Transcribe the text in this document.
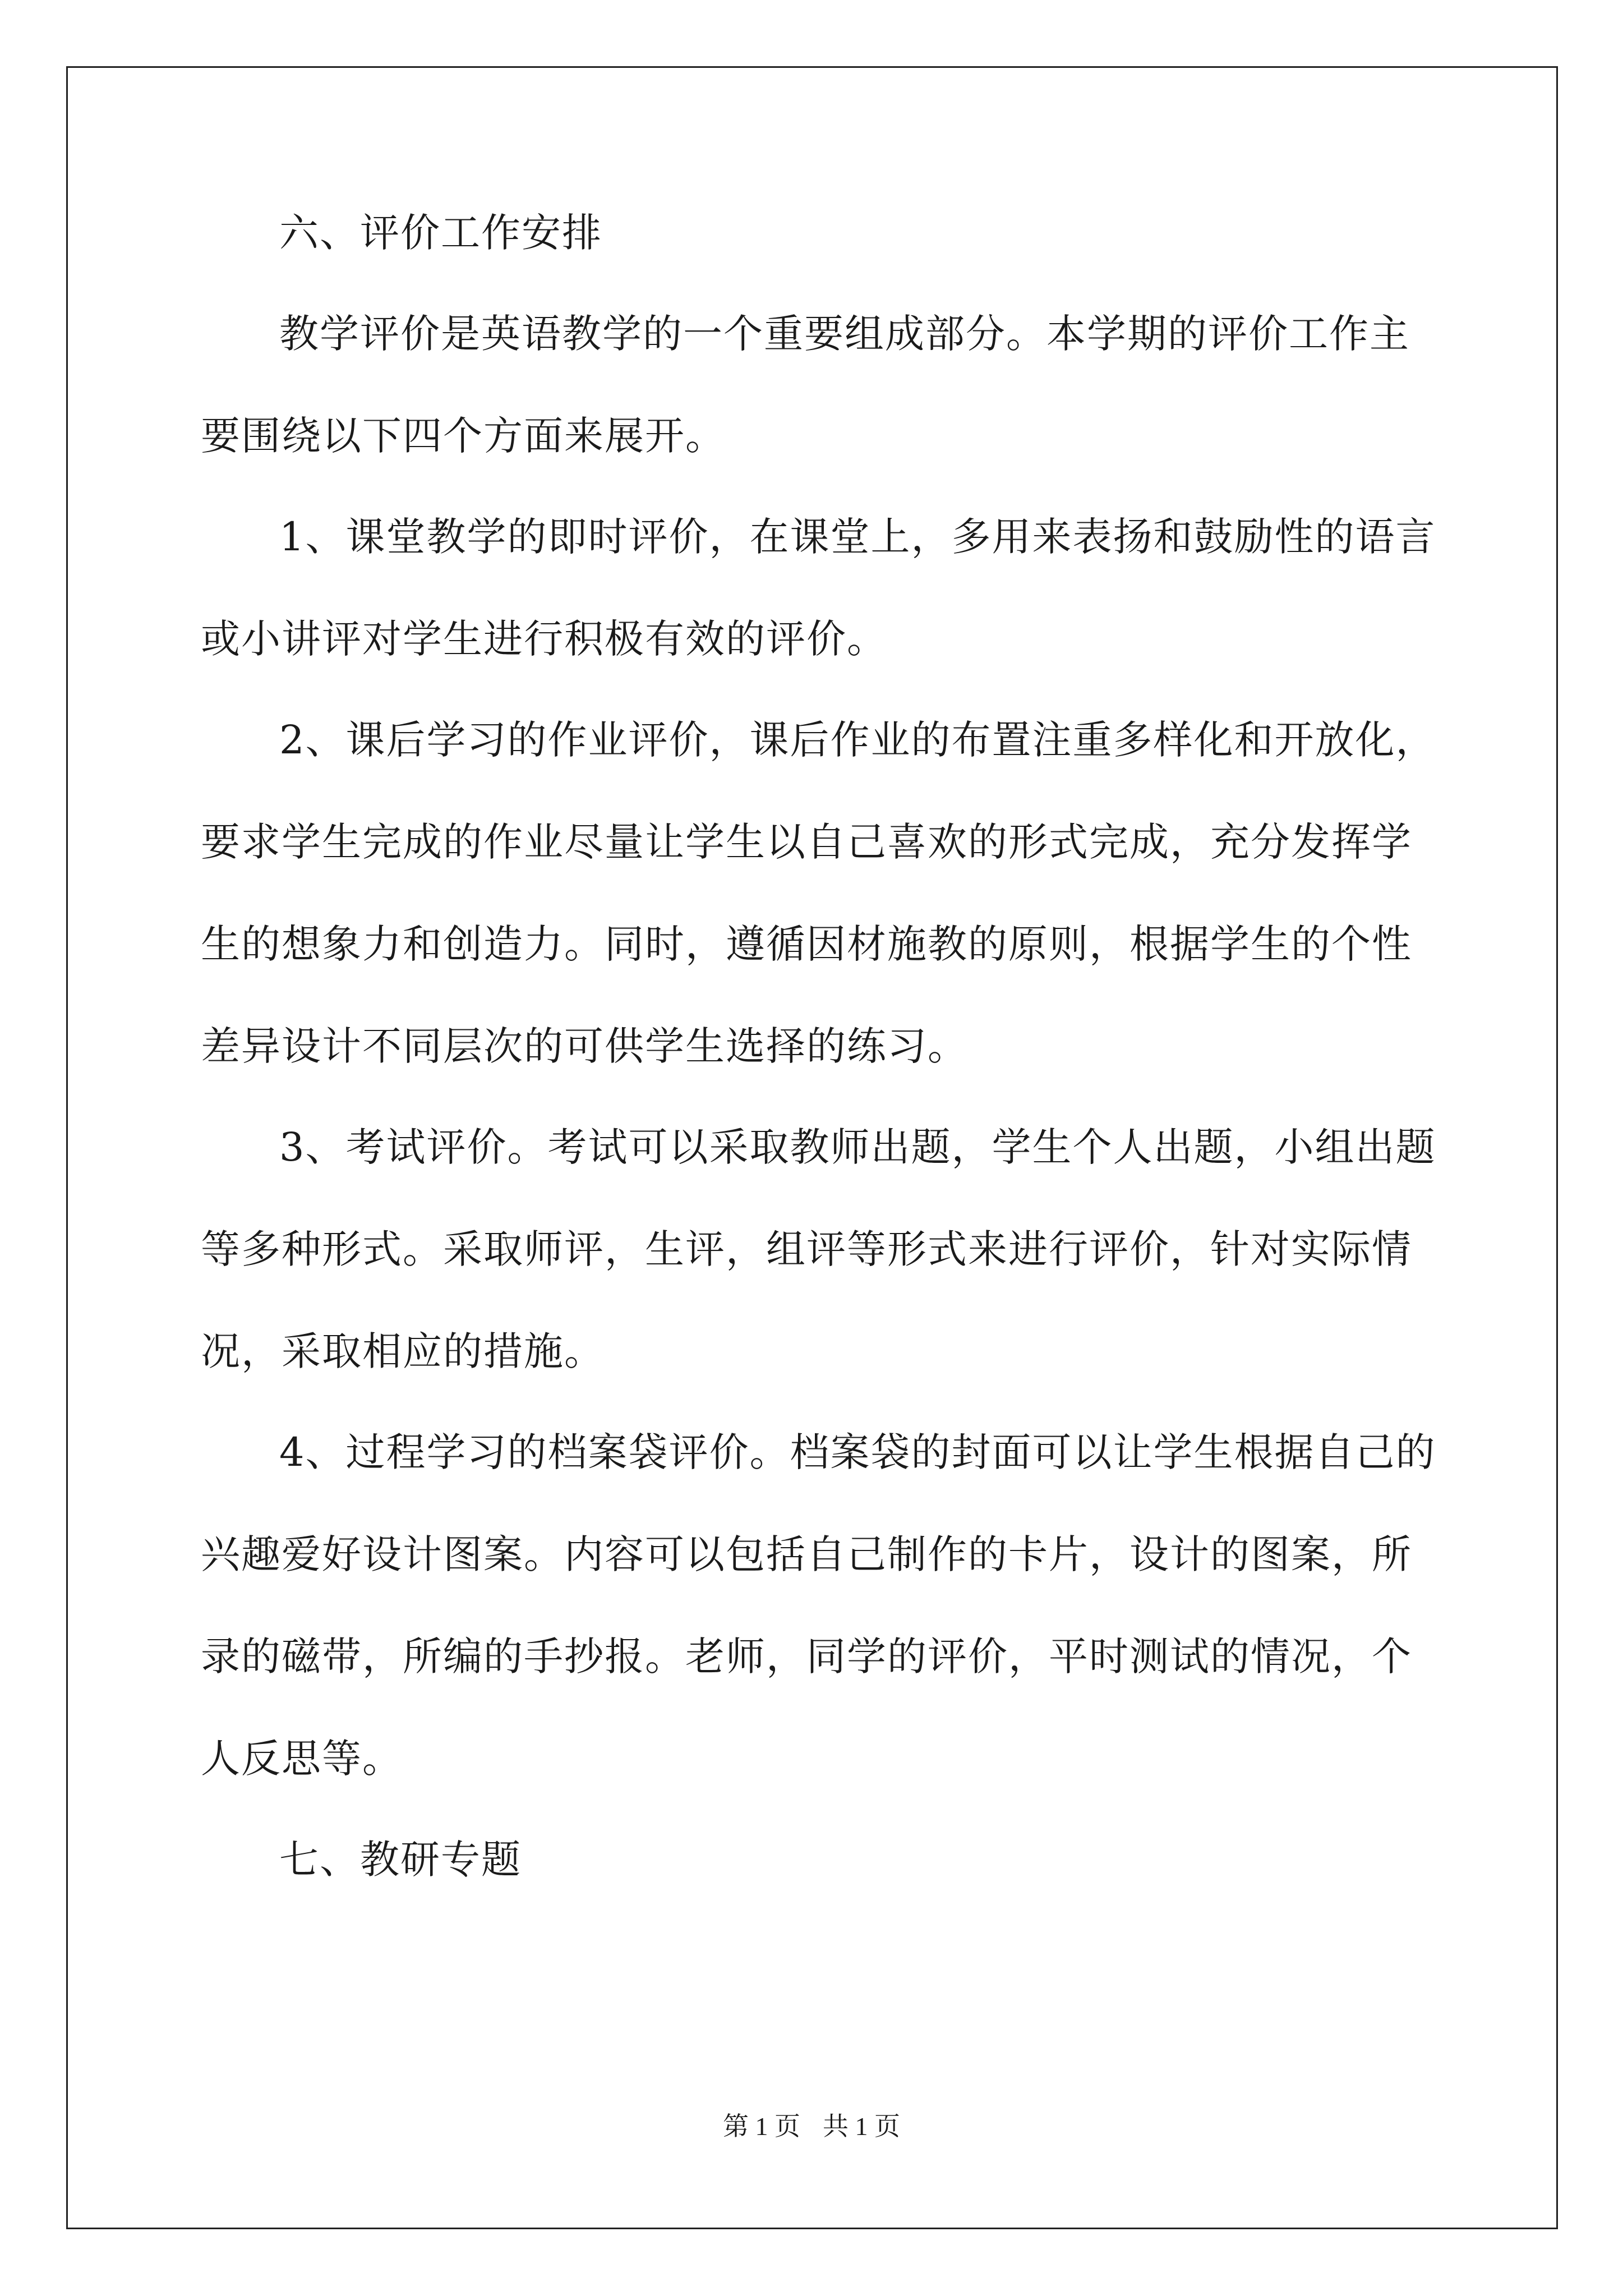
六、评价工作安排
教学评价是英语教学的一个重要组成部分。本学期的评价工作主
要围绕以下四个方面来展开。
1、课堂教学的即时评价，在课堂上，多用来表扬和鼓励性的语言
或小讲评对学生进行积极有效的评价。
2、课后学习的作业评价，课后作业的布置注重多样化和开放化，
要求学生完成的作业尽量让学生以自己喜欢的形式完成，充分发挥学
生的想象力和创造力。同时，遵循因材施教的原则，根据学生的个性
差异设计不同层次的可供学生选择的练习。
3、考试评价。考试可以采取教师出题，学生个人出题，小组出题
等多种形式。采取师评，生评，组评等形式来进行评价，针对实际情
况，采取相应的措施。
4、过程学习的档案袋评价。档案袋的封面可以让学生根据自己的
兴趣爱好设计图案。内容可以包括自己制作的卡片，设计的图案，所
录的磁带，所编的手抄报。老师，同学的评价，平时测试的情况，个
人反思等。
七、教研专题
第 1 页 共 1 页
